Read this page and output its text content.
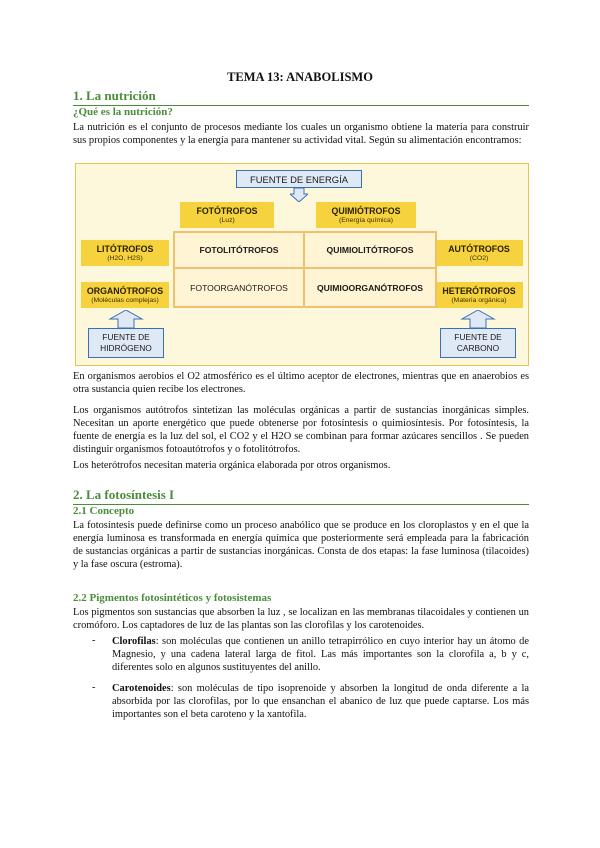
TEMA 13: ANABOLISMO
1. La nutrición
¿Qué es la nutrición?

La nutrición es el conjunto de procesos mediante los cuales un organismo obtiene la materia para construir sus propios componentes y la energía para mantener su actividad vital. Según su alimentación encontramos:

FUENTE DE ENERGÍA
FOTÓTROFOS
(Luz)
QUIMIÓTROFOS
(Energía química)
LITÓTROFOS
(H2O, H2S)
ORGANÓTROFOS
(Moléculas complejas)
AUTÓTROFOS
(CO2)
HETERÓTROFOS
(Materia orgánica)
FOTOLITÓTROFOS	QUIMIOLITÓTROFOS
FOTOORGANÓTROFOS	QUIMIOORGANÓTROFOS
FUENTE DE
HIDRÓGENO
FUENTE DE
CARBONO

En organismos aerobios el O2 atmosférico es el último aceptor de electrones, mientras que en anaerobios es otra sustancia quien recibe los electrones.

Los organismos autótrofos sintetizan las moléculas orgánicas a partir de sustancias inorgánicas simples. Necesitan un aporte energético que puede obtenerse por fotosíntesis o quimiosíntesis. Por fotosíntesis, la fuente de energía es la luz del sol, el CO2 y el H2O se combinan para formar azúcares sencillos . Se pueden distinguir organismos fotoautótrofos y o fotolitótrofos.

Los heterótrofos necesitan materia orgánica elaborada por otros organismos.

2. La fotosíntesis I
2.1 Concepto

La fotosíntesis puede definirse como un proceso anabólico que se produce en los cloroplastos y en el que la energía luminosa es transformada en energía química que posteriormente será empleada para la fabricación de sustancias orgánicas a partir de sustancias inorgánicas. Consta de dos etapas: la fase luminosa (tilacoides) y la fase oscura (estroma).

2.2 Pigmentos fotosintéticos y fotosistemas

Los pigmentos son sustancias que absorben la luz , se localizan en las membranas tilacoidales y contienen un cromóforo. Los captadores de luz de las plantas son las clorofilas y los carotenoides.

- Clorofilas: son moléculas que contienen un anillo tetrapirrólico en cuyo interior hay un átomo de Magnesio, y una cadena lateral larga de fitol. Las más importantes son la clorofila a, b y c, diferentes solo en algunos sustituyentes del anillo.

- Carotenoides: son moléculas de tipo isoprenoide y absorben la longitud de onda diferente a la absorbida por las clorofilas, por lo que ensanchan el abanico de luz que puede captarse. Los más importantes son el beta caroteno y la xantofila.
